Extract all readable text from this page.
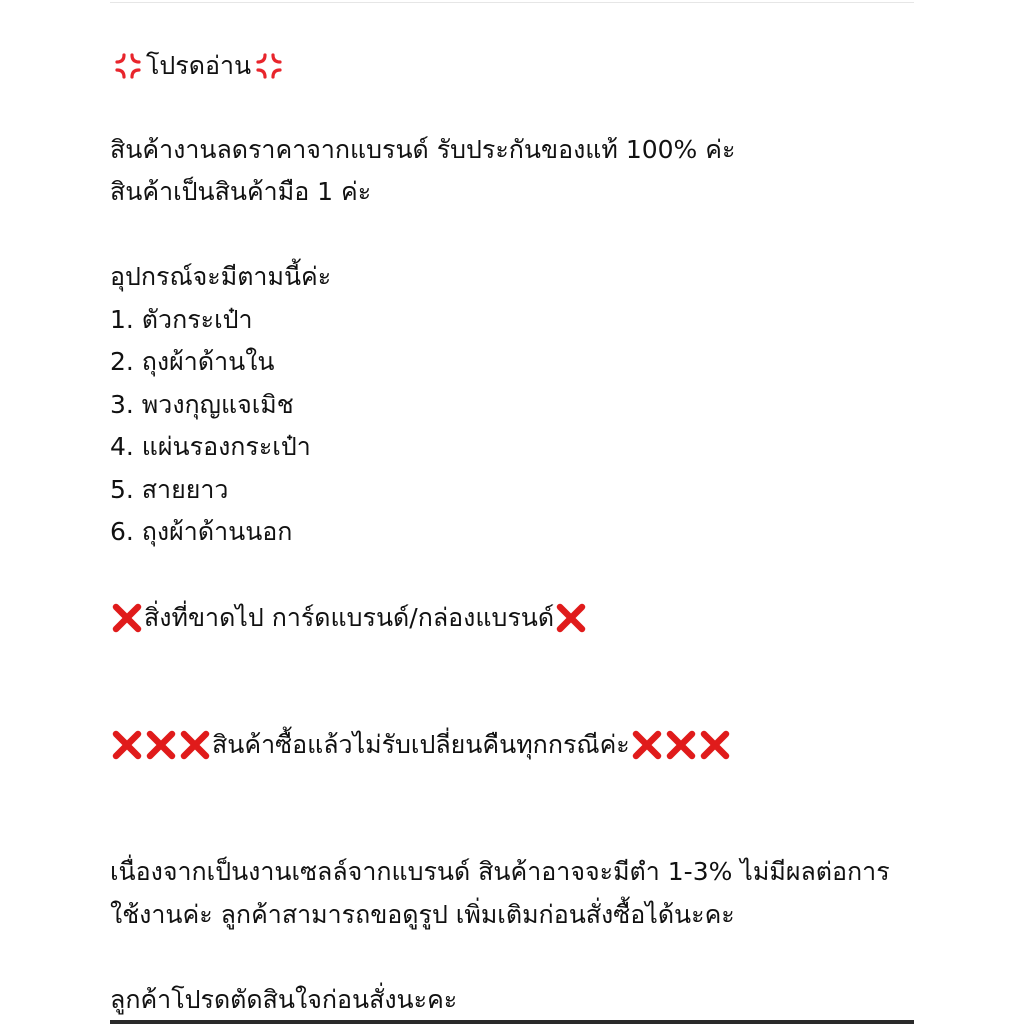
โปรดอ่าน
สินค้างานลดราคาจากแบรนด์ รับประกันของแท้ 100% ค่ะ
สินค้าเป็นสินค้ามือ 1 ค่ะ
อุปกรณ์จะมีตามนี้ค่ะ
1. ตัวกระเป๋า
2. ถุงผ้าด้านใน
3. พวงกุญแจเมิช
4. แผ่นรองกระเป๋า
5. สายยาว
6. ถุงผ้าด้านนอก
สิ่งที่ขาดไป การ์ดแบรนด์/กล่องแบรนด์
สินค้าซื้อแล้วไม่รับเปลี่ยนคืนทุกกรณีค่ะ
เนื่องจากเป็นงานเซลล์จากแบรนด์ สินค้าอาจจะมีตำ 1-3% ไม่มีผลต่อการ
ใช้งานค่ะ ลูกค้าสามารถขอดูรูป เพิ่มเติมก่อนสั่งซื้อได้นะคะ
ลูกค้าโปรดตัดสินใจก่อนสั่งนะคะ
